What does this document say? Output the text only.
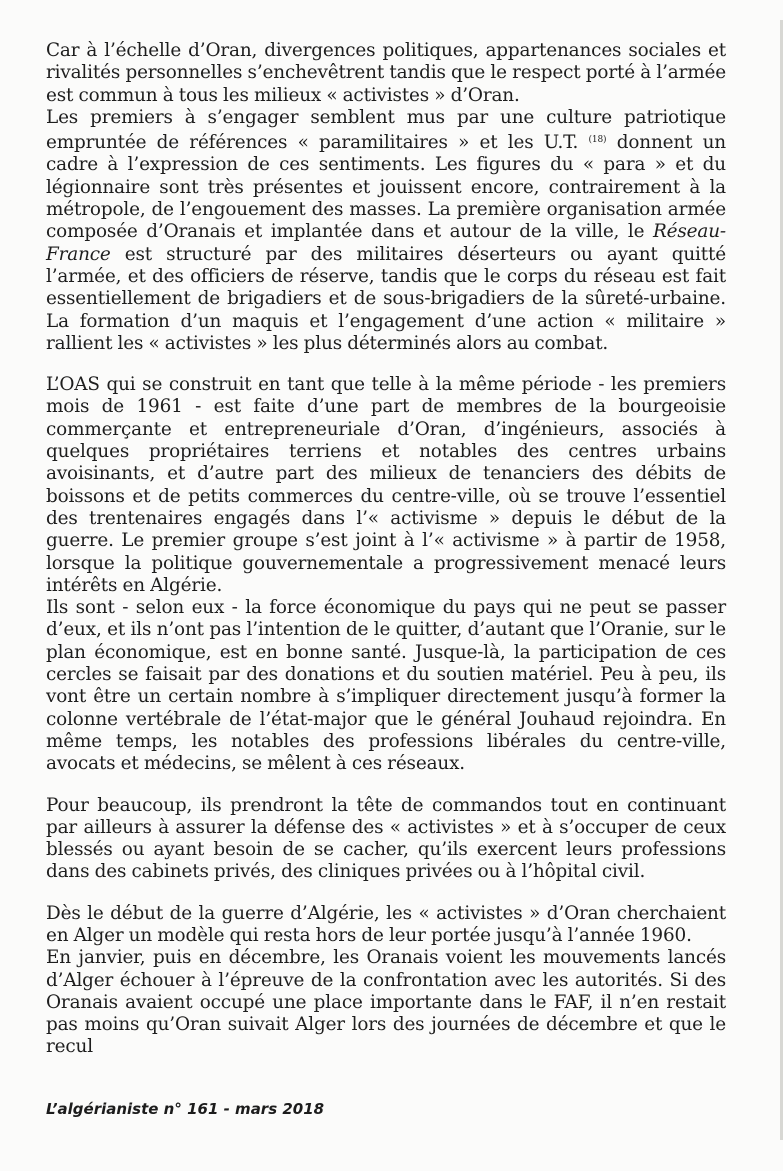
Car à l’échelle d’Oran, divergences politiques, appartenances sociales et rivalités personnelles s’enchevêtrent tandis que le respect porté à l’armée est commun à tous les milieux « activistes » d’Oran.

Les premiers à s’engager semblent mus par une culture patriotique empruntée de références « paramilitaires » et les U.T. $^{(18)}$ donnent un cadre à l’expression de ces sentiments. Les figures du « para » et du légionnaire sont très présentes et jouissent encore, contrairement à la métropole, de l’engouement des masses. La première organisation armée composée d’Oranais et implantée dans et autour de la ville, le Réseau-France est structuré par des militaires déserteurs ou ayant quitté l’armée, et des officiers de réserve, tandis que le corps du réseau est fait essentiellement de brigadiers et de sous-brigadiers de la sûreté-urbaine. La formation d’un maquis et l’engagement d’une action « militaire » rallient les « activistes » les plus déterminés alors au combat.

L’OAS qui se construit en tant que telle à la même période - les premiers mois de 1961 - est faite d’une part de membres de la bourgeoisie commerçante et entrepreneuriale d’Oran, d’ingénieurs, associés à quelques propriétaires terriens et notables des centres urbains avoisinants, et d’autre part des milieux de tenanciers des débits de boissons et de petits commerces du centre-ville, où se trouve l’essentiel des trentenaires engagés dans l’« activisme » depuis le début de la guerre. Le premier groupe s’est joint à l’« activisme » à partir de 1958, lorsque la politique gouvernementale a progressivement menacé leurs intérêts en Algérie.

Ils sont - selon eux - la force économique du pays qui ne peut se passer d’eux, et ils n’ont pas l’intention de le quitter, d’autant que l’Oranie, sur le plan économique, est en bonne santé. Jusque-là, la participation de ces cercles se faisait par des donations et du soutien matériel. Peu à peu, ils vont être un certain nombre à s’impliquer directement jusqu’à former la colonne vertébrale de l’état-major que le général Jouhaud rejoindra. En même temps, les notables des professions libérales du centre-ville, avocats et médecins, se mêlent à ces réseaux.

Pour beaucoup, ils prendront la tête de commandos tout en continuant par ailleurs à assurer la défense des « activistes » et à s’occuper de ceux blessés ou ayant besoin de se cacher, qu’ils exercent leurs professions dans des cabinets privés, des cliniques privées ou à l’hôpital civil.

Dès le début de la guerre d’Algérie, les « activistes » d’Oran cherchaient en Alger un modèle qui resta hors de leur portée jusqu’à l’année 1960.

En janvier, puis en décembre, les Oranais voient les mouvements lancés d’Alger échouer à l’épreuve de la confrontation avec les autorités. Si des Oranais avaient occupé une place importante dans le FAF, il n’en restait pas moins qu’Oran suivait Alger lors des journées de décembre et que le recul

L’algérianiste n° 161 - mars 2018
